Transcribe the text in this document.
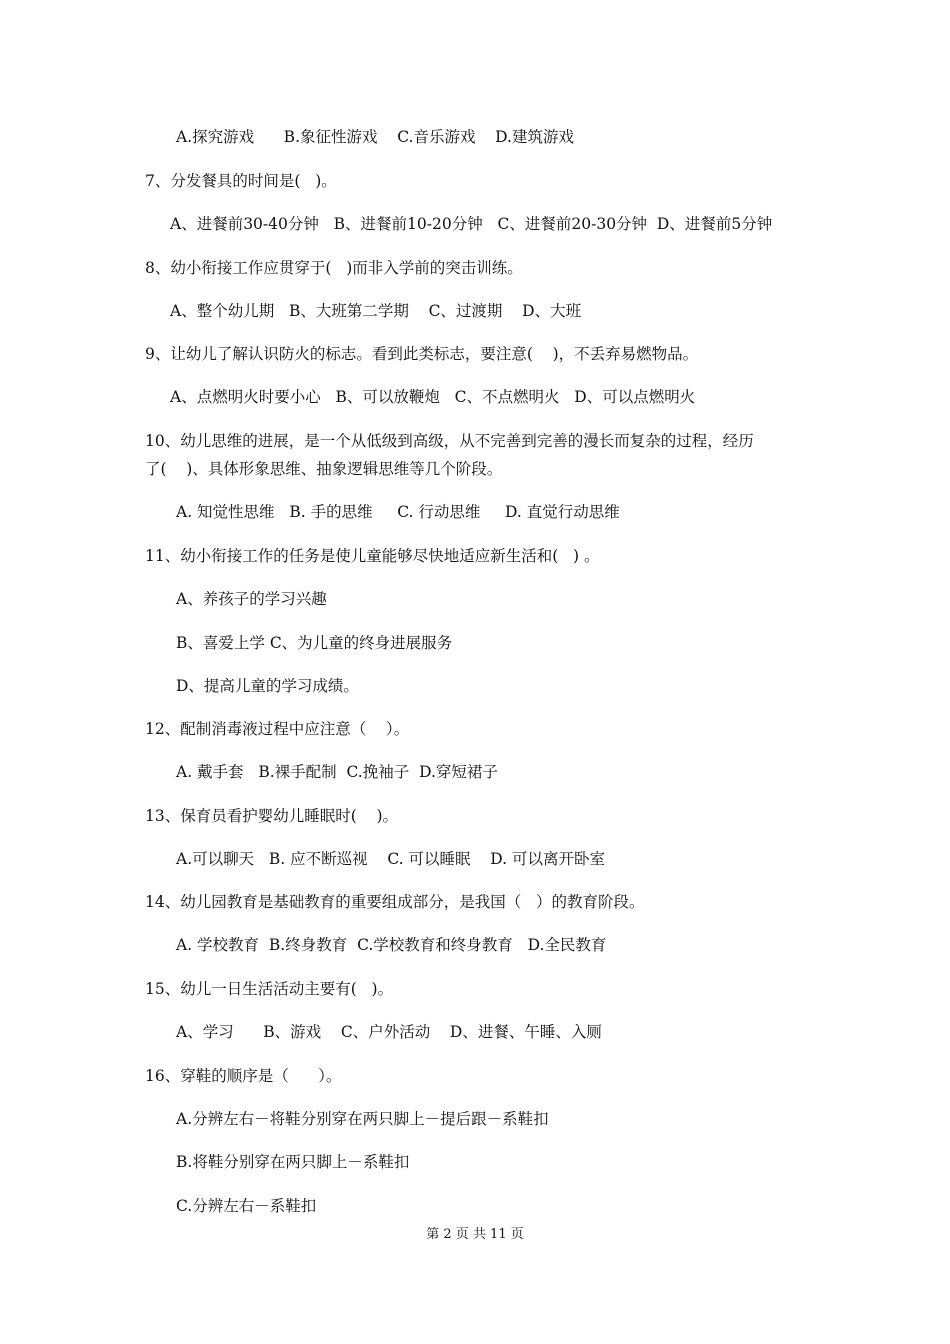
A.探究游戏      B.象征性游戏    C.音乐游戏    D.建筑游戏
7、分发餐具的时间是(   )。
A、进餐前30-40分钟   B、进餐前10-20分钟   C、进餐前20-30分钟  D、进餐前5分钟
8、幼小衔接工作应贯穿于(   )而非入学前的突击训练。
A、整个幼儿期   B、大班第二学期    C、过渡期    D、大班
9、让幼儿了解认识防火的标志。看到此类标志，要注意(    )，不丢弃易燃物品。
A、点燃明火时要小心   B、可以放鞭炮   C、不点燃明火   D、可以点燃明火
10、幼儿思维的进展，是一个从低级到高级，从不完善到完善的漫长而复杂的过程，经历
了(    )、具体形象思维、抽象逻辑思维等几个阶段。
A. 知觉性思维   B. 手的思维     C. 行动思维     D. 直觉行动思维
11、幼小衔接工作的任务是使儿童能够尽快地适应新生活和(   ) 。
A、养孩子的学习兴趣
B、喜爱上学 C、为儿童的终身进展服务
D、提高儿童的学习成绩。
12、配制消毒液过程中应注意（    ）。
A. 戴手套   B.裸手配制  C.挽袖子  D.穿短裙子
13、保育员看护婴幼儿睡眠时(    )。
A.可以聊天   B. 应不断巡视    C. 可以睡眠    D. 可以离开卧室
14、幼儿园教育是基础教育的重要组成部分，是我国（   ）的教育阶段。
A. 学校教育  B.终身教育  C.学校教育和终身教育   D.全民教育
15、幼儿一日生活活动主要有(   )。
A、学习      B、游戏    C、户外活动    D、进餐、午睡、入厕
16、穿鞋的顺序是（      ）。
A.分辨左右－将鞋分别穿在两只脚上－提后跟－系鞋扣
B.将鞋分别穿在两只脚上－系鞋扣
C.分辨左右－系鞋扣
第 2 页 共 11 页
